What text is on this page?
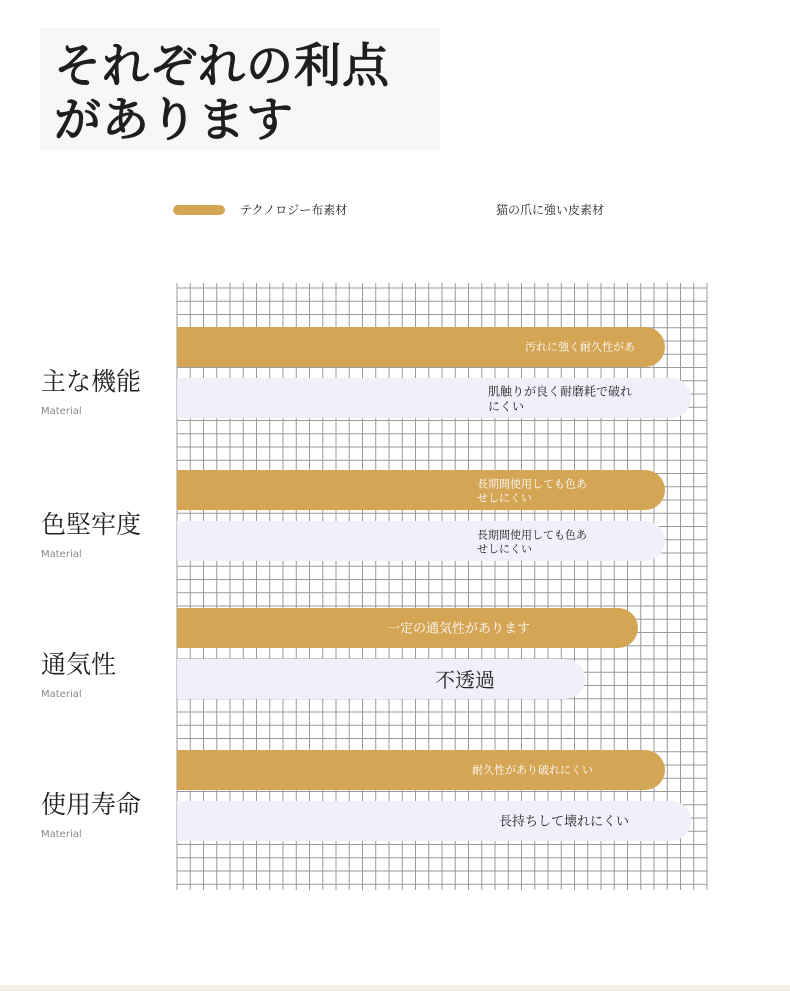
それぞれの利点
があります
テクノロジー布素材	猫の爪に強い皮素材
汚れに強く耐久性があ
肌触りが良く耐磨耗で破れにくい
長期間使用しても色あせしにくい
長期間使用しても色あせしにくい
一定の通気性があります
不透過
耐久性があり破れにくい
長持ちして壊れにくい
主な機能
Material
色堅牢度
Material
通気性
Material
使用寿命
Material
